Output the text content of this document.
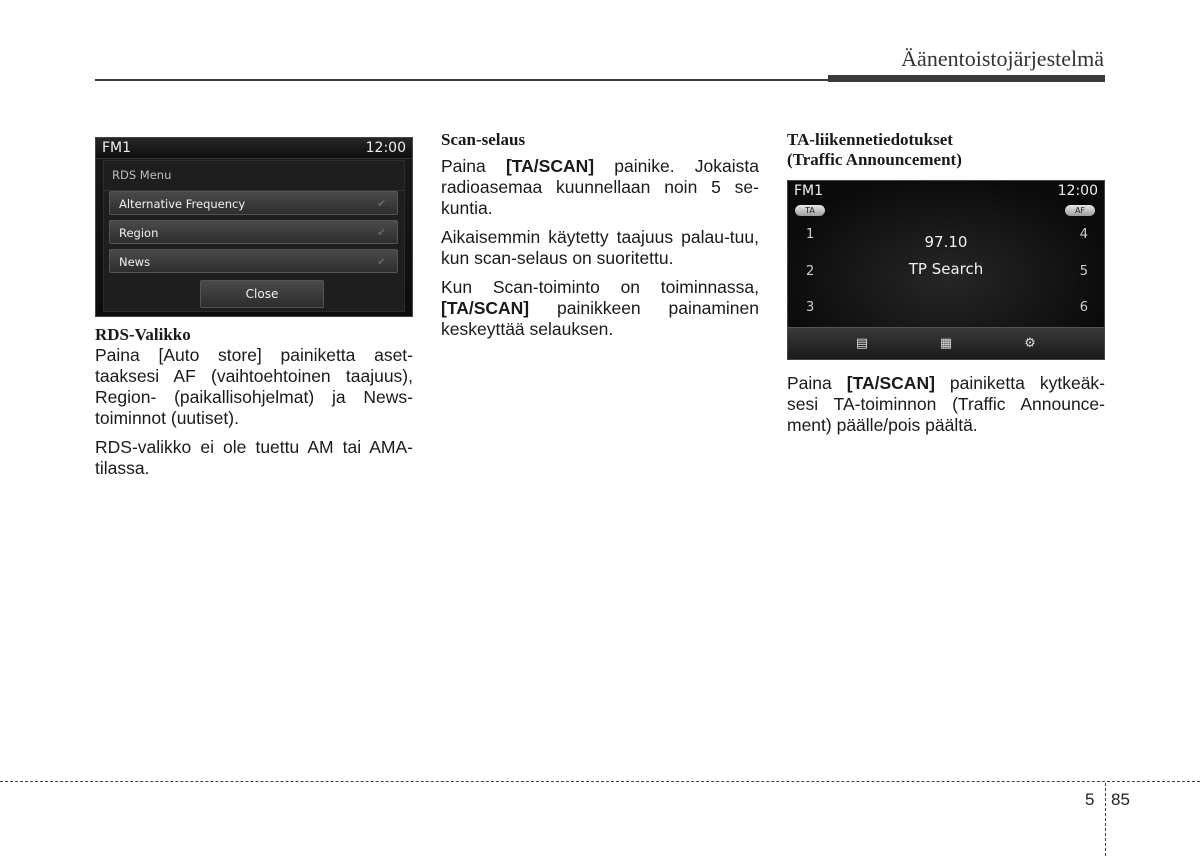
Äänentoistojärjestelmä
FM1	12:00
RDS Menu
Alternative Frequency	✔
Region	✔
News	✔
Close

RDS-Valikko

Paina [Auto store] painiketta aset-taaksesi AF (vaihtoehtoinen taajuus), Region- (paikallisohjelmat) ja News-toiminnot (uutiset).

RDS-valikko ei ole tuettu AM tai AMA-tilassa.

Scan-selaus

Paina [TA/SCAN] painike. Jokaista radioasemaa kuunnellaan noin 5 se-kuntia.

Aikaisemmin käytetty taajuus palau-tuu, kun scan-selaus on suoritettu.

Kun Scan-toiminto on toiminnassa, [TA/SCAN] painikkeen painaminen keskeyttää selauksen.

TA-liikennetiedotukset

(Traffic Announcement)

FM1	12:00
TA	AF
1
2
3
4
5
6
97.10
TP Search
▤	▦	⚙

Paina [TA/SCAN] painiketta kytkeäk-sesi TA-toiminnon (Traffic Announce-ment) päälle/pois päältä.

5 85
